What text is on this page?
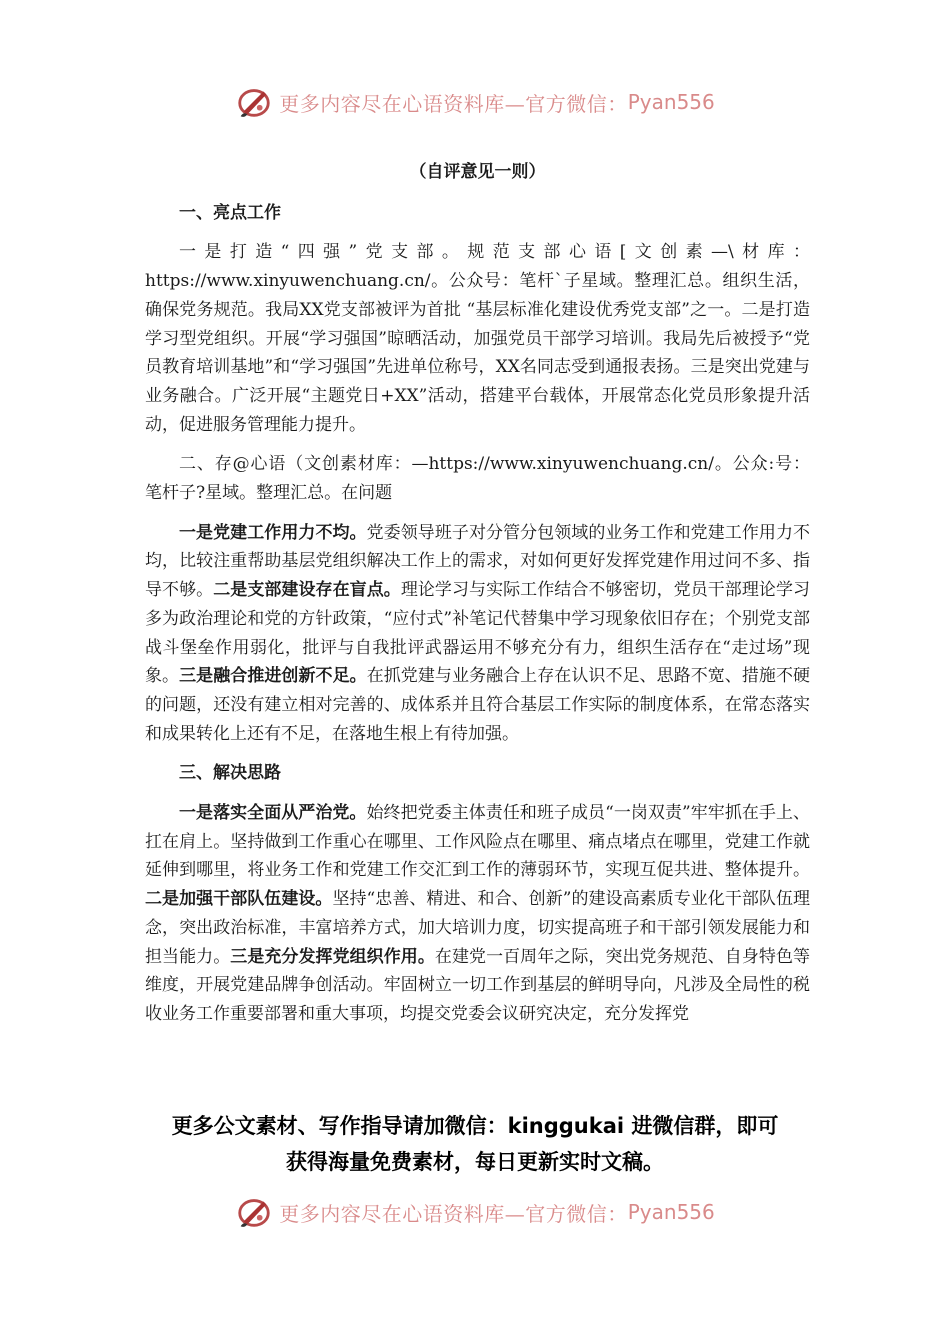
更多内容尽在心语资料库—官方微信： Pyan556

（自评意见一则）

一、亮点工作

一是打造“四强”党支部。规范支部心语[文创素—\材库：https://www.xinyuwenchuang.cn/。公众号：笔杆`子星域。整理汇总。组织生活，确保党务规范。我局XX党支部被评为首批 “基层标准化建设优秀党支部”之一。二是打造学习型党组织。开展“学习强国”晾晒活动，加强党员干部学习培训。我局先后被授予“党员教育培训基地”和“学习强国”先进单位称号，XX名同志受到通报表扬。三是突出党建与业务融合。广泛开展“主题党日+XX”活动，搭建平台载体，开展常态化党员形象提升活动，促进服务管理能力提升。

二、存@心语（文创素材库：—https://www.xinyuwenchuang.cn/。公众:号：笔杆子?星域。整理汇总。在问题

一是党建工作用力不均。党委领导班子对分管分包领域的业务工作和党建工作用力不均，比较注重帮助基层党组织解决工作上的需求，对如何更好发挥党建作用过问不多、指导不够。二是支部建设存在盲点。理论学习与实际工作结合不够密切，党员干部理论学习多为政治理论和党的方针政策，“应付式”补笔记代替集中学习现象依旧存在；个别党支部战斗堡垒作用弱化，批评与自我批评武器运用不够充分有力，组织生活存在“走过场”现象。三是融合推进创新不足。在抓党建与业务融合上存在认识不足、思路不宽、措施不硬的问题，还没有建立相对完善的、成体系并且符合基层工作实际的制度体系，在常态落实和成果转化上还有不足，在落地生根上有待加强。

三、解决思路

一是落实全面从严治党。始终把党委主体责任和班子成员“一岗双责”牢牢抓在手上、扛在肩上。坚持做到工作重心在哪里、工作风险点在哪里、痛点堵点在哪里，党建工作就延伸到哪里，将业务工作和党建工作交汇到工作的薄弱环节，实现互促共进、整体提升。二是加强干部队伍建设。坚持“忠善、精进、和合、创新”的建设高素质专业化干部队伍理念，突出政治标准，丰富培养方式，加大培训力度，切实提高班子和干部引领发展能力和担当能力。三是充分发挥党组织作用。在建党一百周年之际，突出党务规范、自身特色等维度，开展党建品牌争创活动。牢固树立一切工作到基层的鲜明导向，凡涉及全局性的税收业务工作重要部署和重大事项，均提交党委会议研究决定，充分发挥党

更多公文素材、写作指导请加微信：kinggukai 进微信群，即可
获得海量免费素材，每日更新实时文稿。
更多内容尽在心语资料库—官方微信： Pyan556
